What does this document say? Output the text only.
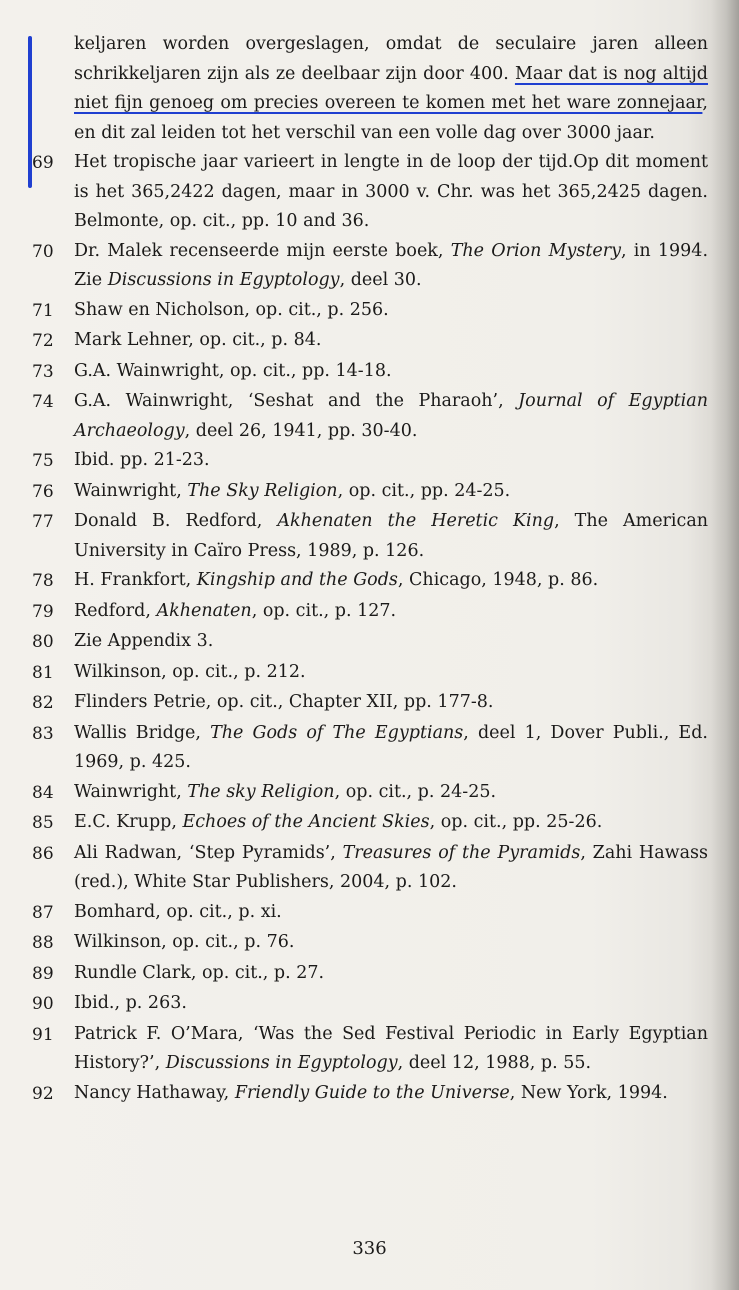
keljaren worden overgeslagen, omdat de seculaire jaren alleen schrikkeljaren zijn als ze deelbaar zijn door 400. Maar dat is nog altijd niet fijn genoeg om precies overeen te komen met het ware zonnejaar, en dit zal leiden tot het verschil van een volle dag over 3000 jaar.
69	Het tropische jaar varieert in lengte in de loop der tijd.Op dit moment is het 365,2422 dagen, maar in 3000 v. Chr. was het 365,2425 dagen. Belmonte, op. cit., pp. 10 and 36.
70	Dr. Malek recenseerde mijn eerste boek, The Orion Mystery, in 1994. Zie Discussions in Egyptology, deel 30.
71	Shaw en Nicholson, op. cit., p. 256.
72	Mark Lehner, op. cit., p. 84.
73	G.A. Wainwright, op. cit., pp. 14-18.
74	G.A. Wainwright, ‘Seshat and the Pharaoh’, Journal of Egyptian Archaeology, deel 26, 1941, pp. 30-40.
75	Ibid. pp. 21-23.
76	Wainwright, The Sky Religion, op. cit., pp. 24-25.
77	Donald B. Redford, Akhenaten the Heretic King, The American University in Caïro Press, 1989, p. 126.
78	H. Frankfort, Kingship and the Gods, Chicago, 1948, p. 86.
79	Redford, Akhenaten, op. cit., p. 127.
80	Zie Appendix 3.
81	Wilkinson, op. cit., p. 212.
82	Flinders Petrie, op. cit., Chapter XII, pp. 177-8.
83	Wallis Bridge, The Gods of The Egyptians, deel 1, Dover Publi., Ed. 1969, p. 425.
84	Wainwright, The sky Religion, op. cit., p. 24-25.
85	E.C. Krupp, Echoes of the Ancient Skies, op. cit., pp. 25-26.
86	Ali Radwan, ‘Step Pyramids’, Treasures of the Pyramids, Zahi Hawass (red.), White Star Publishers, 2004, p. 102.
87	Bomhard, op. cit., p. xi.
88	Wilkinson, op. cit., p. 76.
89	Rundle Clark, op. cit., p. 27.
90	Ibid., p. 263.
91	Patrick F. O’Mara, ‘Was the Sed Festival Periodic in Early Egyptian History?’, Discussions in Egyptology, deel 12, 1988, p. 55.
92	Nancy Hathaway, Friendly Guide to the Universe, New York, 1994.
336
